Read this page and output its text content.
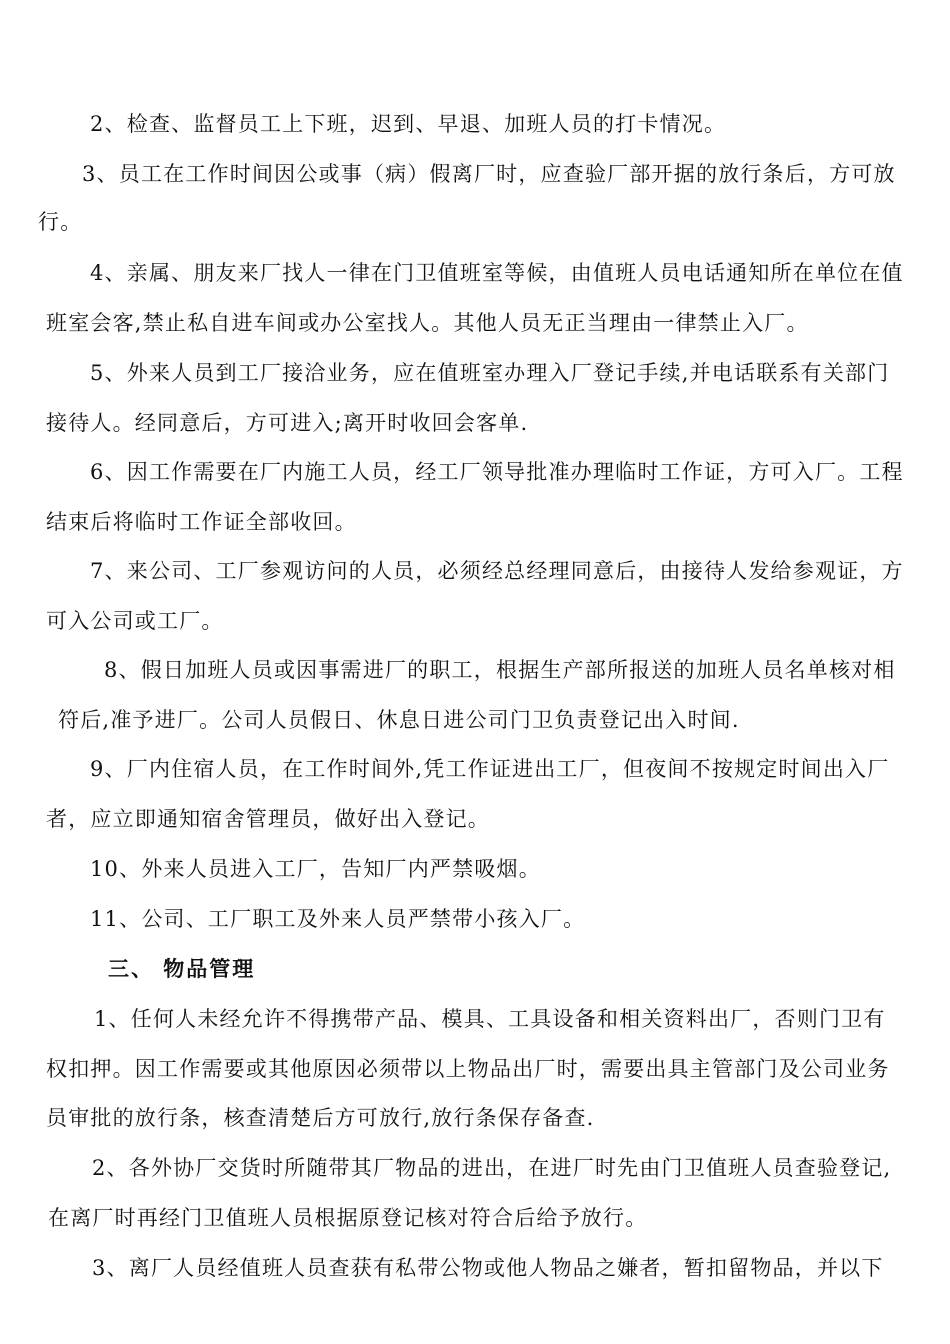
2、检查、监督员工上下班，迟到、早退、加班人员的打卡情况。
3、员工在工作时间因公或事（病）假离厂时，应查验厂部开据的放行条后，方可放
行。
4、亲属、朋友来厂找人一律在门卫值班室等候，由值班人员电话通知所在单位在值
班室会客,禁止私自进车间或办公室找人。其他人员无正当理由一律禁止入厂。
5、外来人员到工厂接洽业务，应在值班室办理入厂登记手续,并电话联系有关部门
接待人。经同意后，方可进入;离开时收回会客单.
6、因工作需要在厂内施工人员，经工厂领导批准办理临时工作证，方可入厂。工程
结束后将临时工作证全部收回。
7、来公司、工厂参观访问的人员，必须经总经理同意后，由接待人发给参观证，方
可入公司或工厂。
8、假日加班人员或因事需进厂的职工，根据生产部所报送的加班人员名单核对相
符后,准予进厂。公司人员假日、休息日进公司门卫负责登记出入时间.
9、厂内住宿人员，在工作时间外,凭工作证进出工厂，但夜间不按规定时间出入厂
者，应立即通知宿舍管理员，做好出入登记。
10、外来人员进入工厂，告知厂内严禁吸烟。
11、公司、工厂职工及外来人员严禁带小孩入厂。
三、 物品管理
1、任何人未经允许不得携带产品、模具、工具设备和相关资料出厂，否则门卫有
权扣押。因工作需要或其他原因必须带以上物品出厂时，需要出具主管部门及公司业务
员审批的放行条，核查清楚后方可放行,放行条保存备查.
2、各外协厂交货时所随带其厂物品的进出，在进厂时先由门卫值班人员查验登记,
在离厂时再经门卫值班人员根据原登记核对符合后给予放行。
3、离厂人员经值班人员查获有私带公物或他人物品之嫌者，暂扣留物品，并以下
